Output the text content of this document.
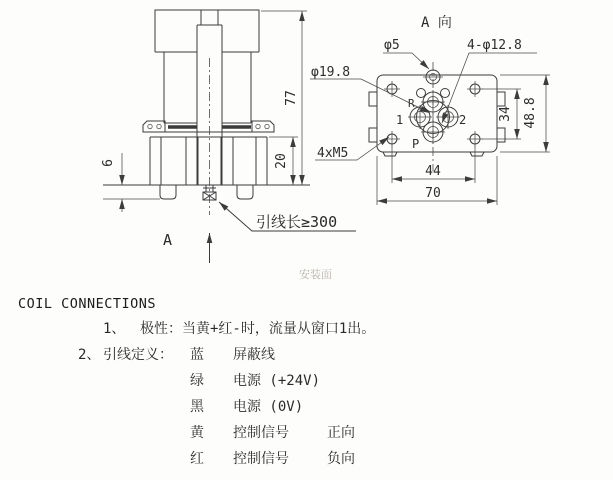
A
引线长≥300
77
20
6
A 向
R
1	2
P
φ5	4-φ12.8
φ19.8
4xM5
34 48.8
44
70
安装面
COIL CONNECTIONS
1、 极性：当黄+红-时，流量从窗口1出。
2、 引线定义： 蓝 屏蔽线
绿 电源 (+24V)
黑 电源 (0V)
黄 控制信号	正向
红 控制信号	负向
